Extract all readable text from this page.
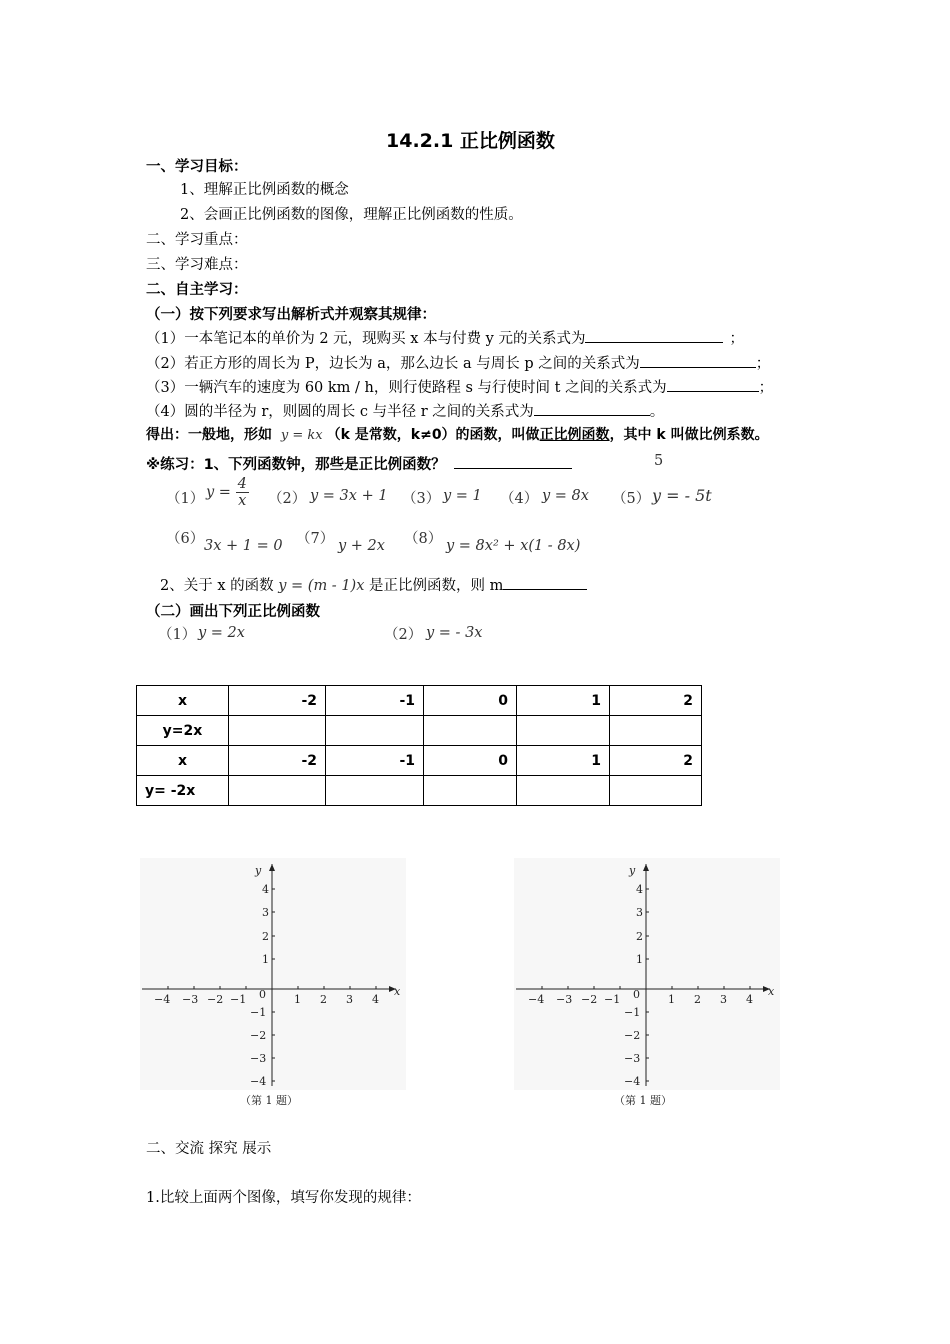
14.2.1 正比例函数
一、学习目标：
1、理解正比例函数的概念
2、会画正比例函数的图像，理解正比例函数的性质。
二、学习重点：
三、学习难点：
二、自主学习：
（一）按下列要求写出解析式并观察其规律：
（1）一本笔记本的单价为 2 元，现购买 x 本与付费 y 元的关系式为	；
（2）若正方形的周长为 P，边长为 a，那么边长 a 与周长 p 之间的关系式为	；
（3）一辆汽车的速度为 60 km / h，则行使路程 s 与行使时间 t 之间的关系式为	；
（4）圆的半径为 r，则圆的周长 c 与半径 r 之间的关系式为	。
得出：一般地，形如 y = kx （k 是常数，k≠0）的函数，叫做正比例函数，其中 k 叫做比例系数。
※练习：1、下列函数钟，那些是正比例函数？	5
（1） $y = \frac{4}{x} (2) y = 3x + 1$ （3） y = 1 （4） y = 8x （5） y = - 5t
（6） 3x + 1 = 0 （7） y + 2x （8） y = 8x² + x(1 - 8x)
2、关于 x 的函数 y = (m - 1)x 是正比例函数，则 m
（二）画出下列正比例函数
（1） y = 2x	（2） y = - 3x
x	-2	-1	0	1	2
y=2x					
x	-2	-1	0	1	2
y= -2x					
y
x
0
−4 −3 −2 −1	1 2 3 4
4
3
2
1
−1
−2
−3
−4
（第 1 题）
y
x
0
−4 −3 −2 −1	1 2 3 4
4
3
2
1
−1
−2
−3
−4
（第 1 题）
二、交流 探究 展示
1.比较上面两个图像，填写你发现的规律：
